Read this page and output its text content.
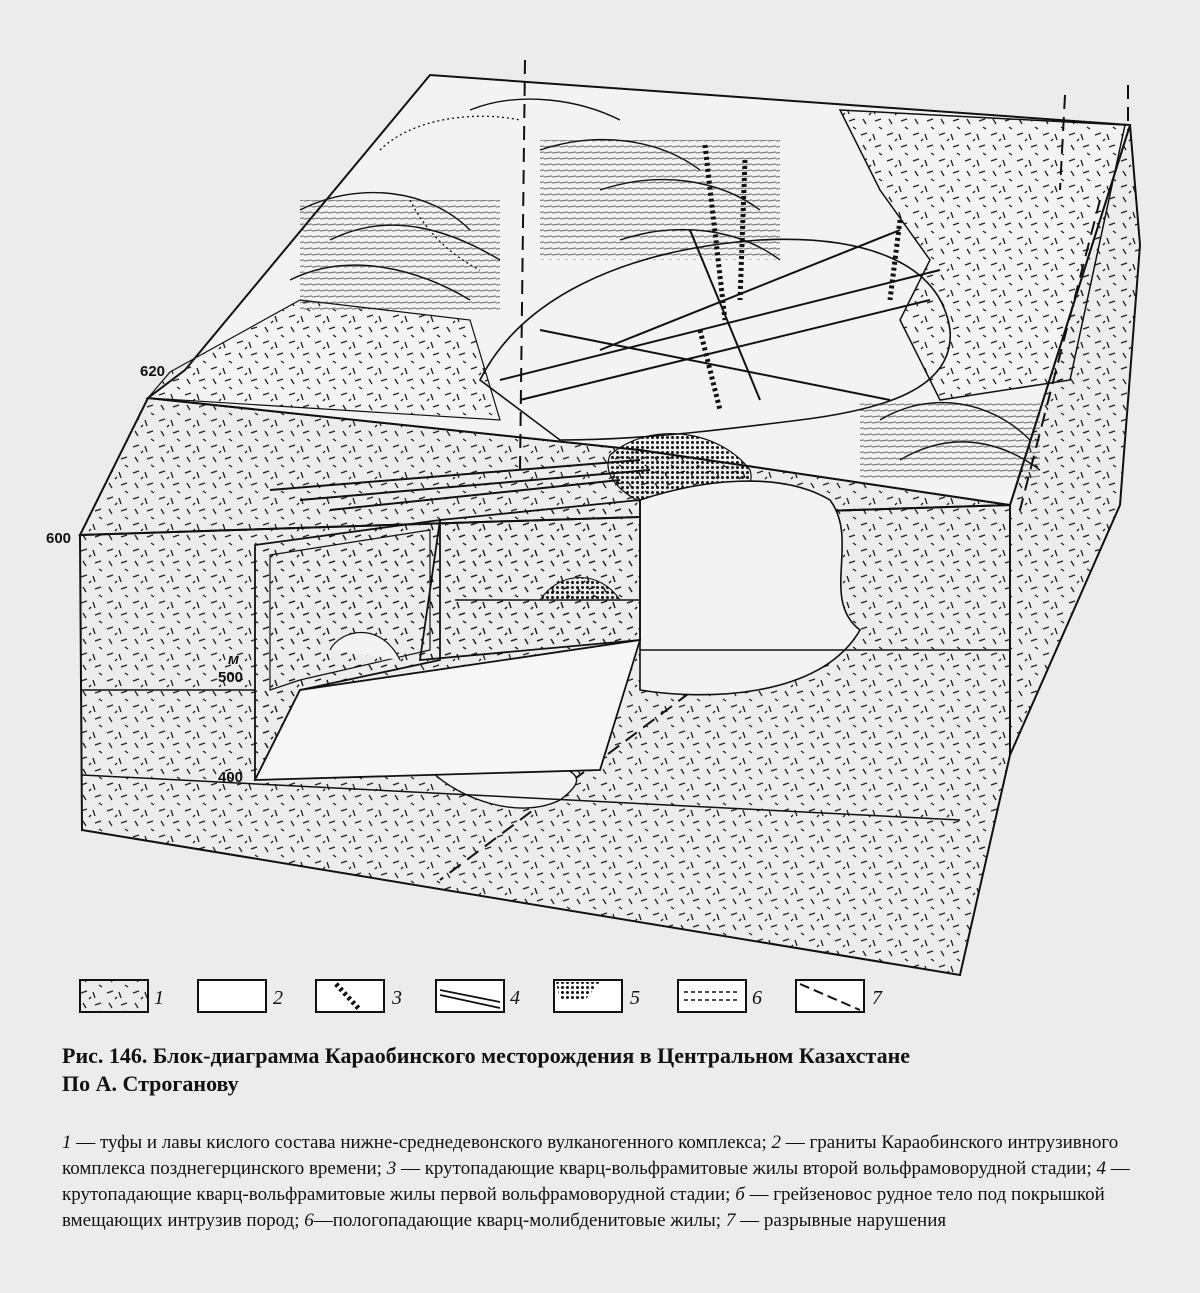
620
600
м
500
400
1	2	3	4	5	6	7
Рис. 146. Блок-диаграмма Караобинского месторождения в Центральном Казахстане
По А. Строганову
1 — туфы и лавы кислого состава нижне-среднедевонского вулканогенного комплекса; 2 — граниты Караобинского интрузивного комплекса позднегерцинского времени; 3 — крутопадающие кварц-вольфрамитовые жилы второй вольфрамоворудной стадии; 4 — крутопадающие кварц-вольфрамитовые жилы первой вольфрамоворудной стадии; б — грейзеновос рудное тело под покрышкой вмещающих интрузив пород; 6—пологопадающие кварц-молибденитовые жилы; 7 — разрывные нарушения
